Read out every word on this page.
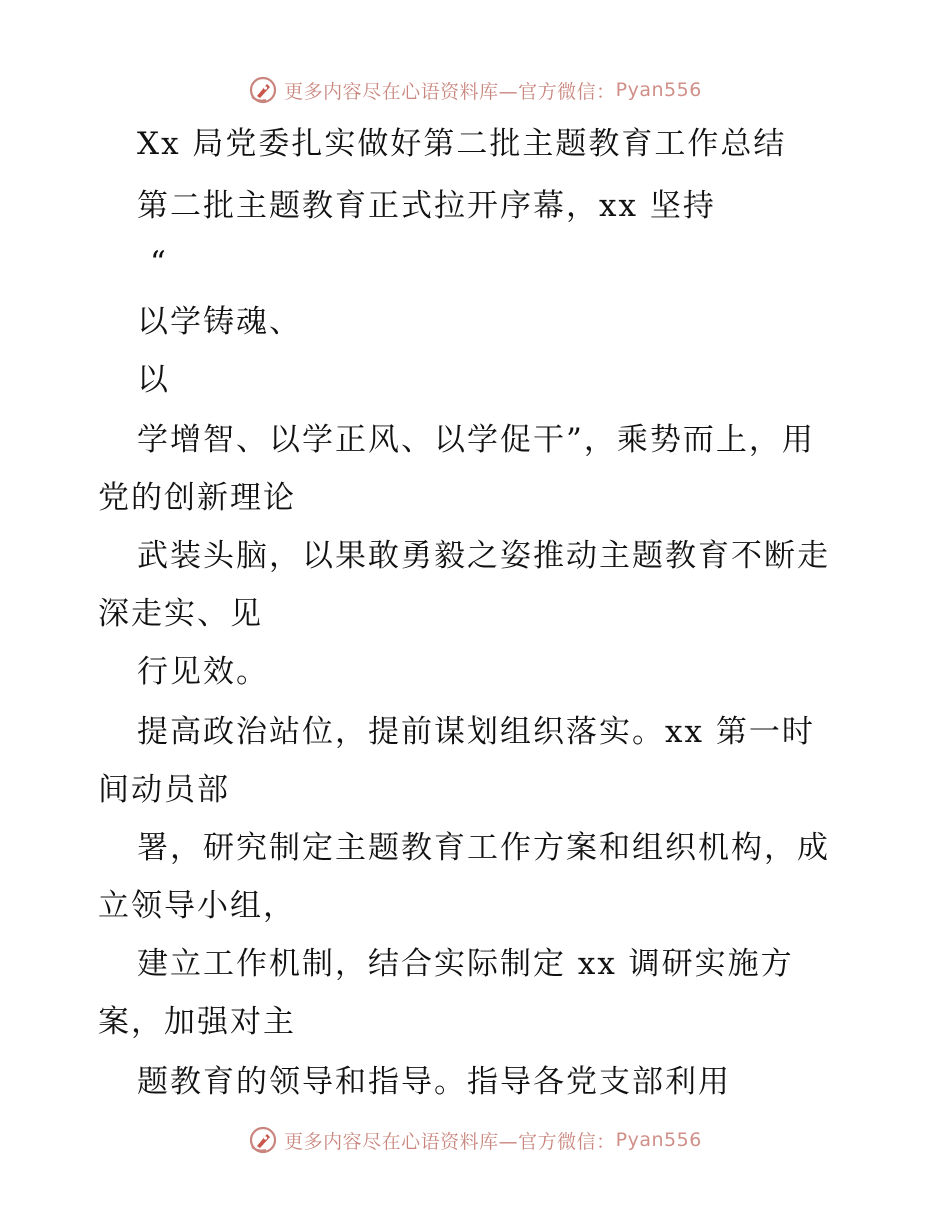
更多内容尽在心语资料库—官方微信： Pyan556
Xx 局党委扎实做好第二批主题教育工作总结
第二批主题教育正式拉开序幕，xx 坚持
“
以学铸魂、
以
学增智、以学正风、以学促干”，乘势而上，用
党的创新理论
武装头脑，以果敢勇毅之姿推动主题教育不断走
深走实、见
行见效。
提高政治站位，提前谋划组织落实。xx 第一时
间动员部
署，研究制定主题教育工作方案和组织机构，成
立领导小组，
建立工作机制，结合实际制定 xx 调研实施方
案，加强对主
题教育的领导和指导。指导各党支部利用
更多内容尽在心语资料库—官方微信： Pyan556
